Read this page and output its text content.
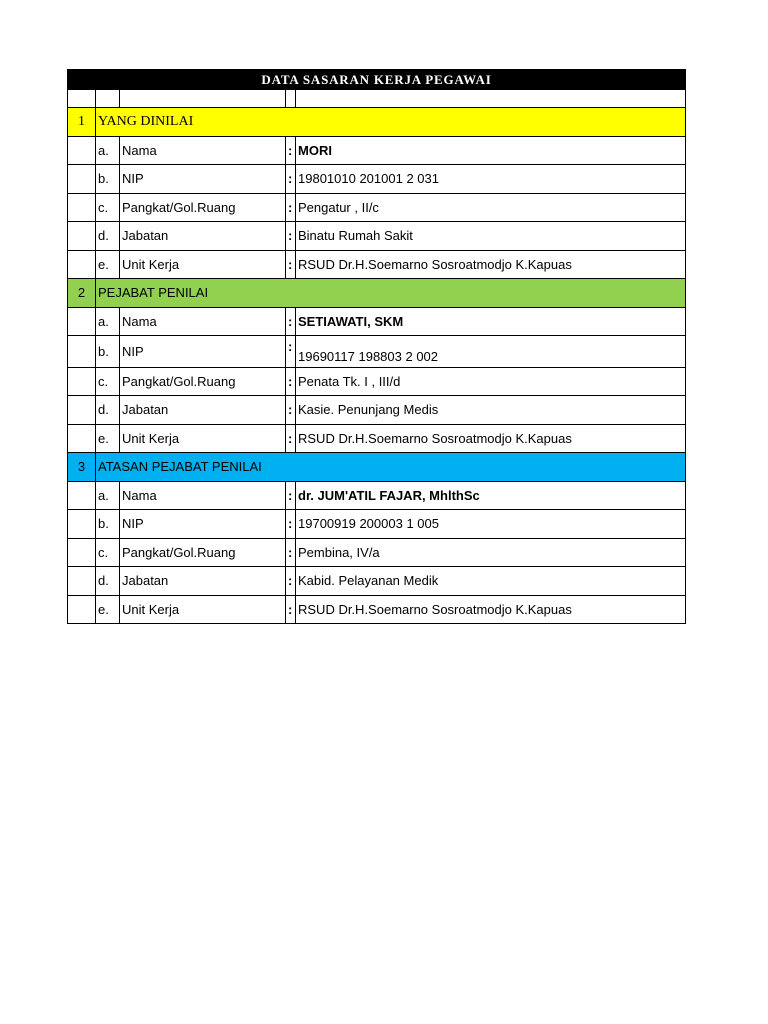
DATA SASARAN KERJA PEGAWAI				

1	YANG DINILAI			
	a.	Nama	:	MORI
	b.	NIP	:	19801010 201001 2 031
	c.	Pangkat/Gol.Ruang	:	Pengatur , II/c
	d.	Jabatan	:	Binatu Rumah Sakit
	e.	Unit Kerja	:	RSUD Dr.H.Soemarno Sosroatmodjo K.Kapuas
2	PEJABAT PENILAI			
	a.	Nama	:	SETIAWATI, SKM
	b.	NIP	:	19690117 198803 2 002
	c.	Pangkat/Gol.Ruang	:	Penata Tk. I , III/d
	d.	Jabatan	:	Kasie. Penunjang Medis
	e.	Unit Kerja	:	RSUD Dr.H.Soemarno Sosroatmodjo K.Kapuas
3	ATASAN PEJABAT PENILAI			
	a.	Nama	:	dr. JUM'ATIL FAJAR, MhlthSc
	b.	NIP	:	19700919 200003 1 005
	c.	Pangkat/Gol.Ruang	:	Pembina, IV/a
	d.	Jabatan	:	Kabid. Pelayanan Medik
	e.	Unit Kerja	:	RSUD Dr.H.Soemarno Sosroatmodjo K.Kapuas
